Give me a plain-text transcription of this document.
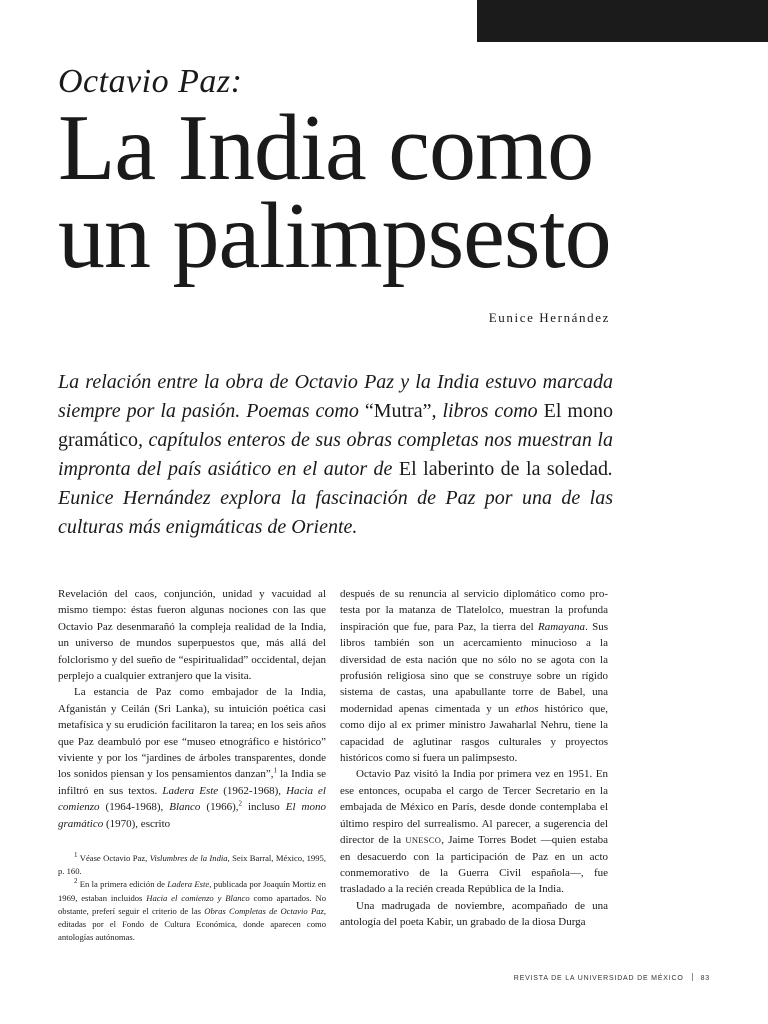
Octavio Paz:
La India como
un palimpsesto
Eunice Hernández

La relación entre la obra de Octavio Paz y la India estuvo marcada siempre por la pasión. Poemas como “Mutra”, libros como El mono gramático, capítulos enteros de sus obras completas nos muestran la impronta del país asiático en el autor de El laberinto de la soledad. Eunice Hernández explora la fascinación de Paz por una de las culturas más enigmáticas de Oriente.

Revelación del caos, conjunción, unidad y vacuidad al mismo tiempo: éstas fueron algunas nociones con las que Octavio Paz desenmarañó la compleja realidad de la India, un universo de mundos superpuestos que, más allá del folclorismo y del sueño de “espiritualidad” occidental, dejan perplejo a cualquier extranjero que la visita.

La estancia de Paz como embajador de la India, Afganistán y Ceilán (Sri Lanka), su intuición poética casi metafísica y su erudición facilitaron la tarea; en los seis años que Paz deambuló por ese “museo etnográfico e histórico” viviente y por los “jardines de árboles transparentes, donde los sonidos piensan y los pensamientos danzan”,$^1$ la India se infiltró en sus textos. Ladera Este (1962-1968), Hacia el comienzo (1964-1968), Blanco (1966),$^2$ incluso El mono gramático (1970), escrito

$^1$ Véase Octavio Paz, Vislumbres de la India, Seix Barral, México, 1995, p. 160.

$^2$ En la primera edición de Ladera Este, publicada por Joaquín Mortiz en 1969, estaban incluidos Hacia el comienzo y Blanco como apartados. No obstante, preferí seguir el criterio de las Obras Completas de Octavio Paz, editadas por el Fondo de Cultura Económica, donde aparecen como antologías autónomas.

después de su renuncia al servicio diplomático como protesta por la matanza de Tlatelolco, muestran la profunda inspiración que fue, para Paz, la tierra del Ramayana. Sus libros también son un acercamiento minucioso a la diversidad de esta nación que no sólo no se agota con la profusión religiosa sino que se construye sobre un rígido sistema de castas, una apabullante torre de Babel, una modernidad apenas cimentada y un ethos histórico que, como dijo al ex primer ministro Jawaharlal Nehru, tiene la capacidad de aglutinar rasgos culturales y proyectos históricos como si fuera un palimpsesto.

Octavio Paz visitó la India por primera vez en 1951. En ese entonces, ocupaba el cargo de Tercer Secretario en la embajada de México en París, desde donde contemplaba el último respiro del surrealismo. Al parecer, a sugerencia del director de la UNESCO, Jaime Torres Bodet —quien estaba en desacuerdo con la participación de Paz en un acto conmemorativo de la Guerra Civil española—, fue trasladado a la recién creada República de la India.

Una madrugada de noviembre, acompañado de una antología del poeta Kabir, un grabado de la diosa Durga

REVISTA DE LA UNIVERSIDAD DE MÉXICO 83
